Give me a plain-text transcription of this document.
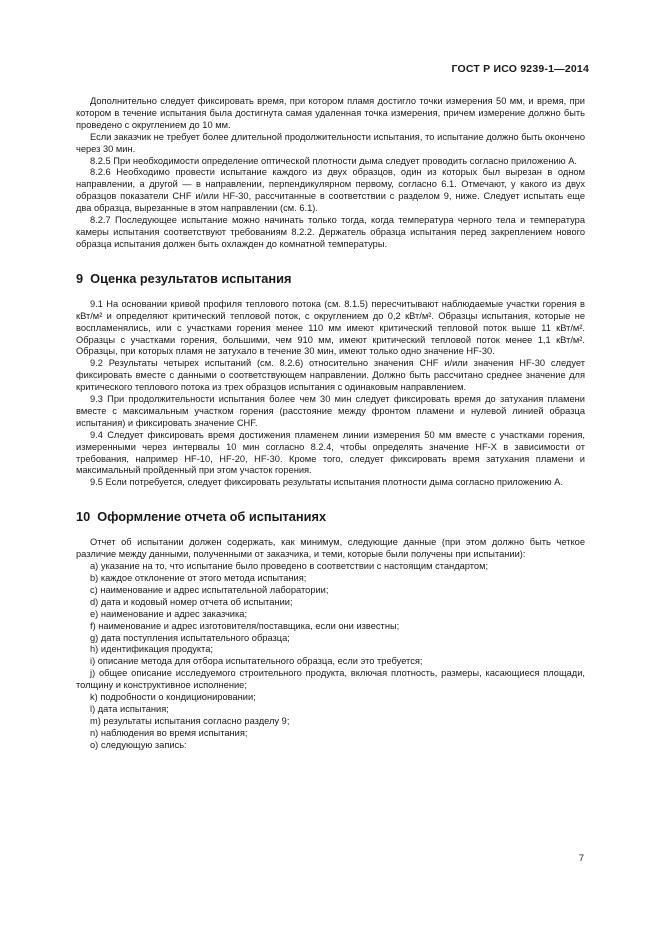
ГОСТ Р ИСО 9239-1—2014

Дополнительно следует фиксировать время, при котором пламя достигло точки измерения 50 мм, и время, при котором в течение испытания была достигнута самая удаленная точка измерения, причем измерение должно быть проведено с округлением до 10 мм.

Если заказчик не требует более длительной продолжительности испытания, то испытание должно быть окончено через 30 мин.

8.2.5 При необходимости определение оптической плотности дыма следует проводить согласно приложению А.

8.2.6 Необходимо провести испытание каждого из двух образцов, один из которых был вырезан в одном направлении, а другой — в направлении, перпендикулярном первому, согласно 6.1. Отмечают, у какого из двух образцов показатели CHF и/или HF-30, рассчитанные в соответствии с разделом 9, ниже. Следует испытать еще два образца, вырезанные в этом направлении (см. 6.1).

8.2.7 Последующее испытание можно начинать только тогда, когда температура черного тела и температура камеры испытания соответствуют требованиям 8.2.2. Держатель образца испытания перед закреплением нового образца испытания должен быть охлажден до комнатной температуры.

9 Оценка результатов испытания

9.1 На основании кривой профиля теплового потока (см. 8.1.5) пересчитывают наблюдаемые участки горения в кВт/м² и определяют критический тепловой поток, с округлением до 0,2 кВт/м². Образцы испытания, которые не воспламенялись, или с участками горения менее 110 мм имеют критический тепловой поток выше 11 кВт/м². Образцы с участками горения, большими, чем 910 мм, имеют критический тепловой поток менее 1,1 кВт/м². Образцы, при которых пламя не затухало в течение 30 мин, имеют только одно значение HF-30.

9.2 Результаты четырех испытаний (см. 8.2.6) относительно значения CHF и/или значения HF-30 следует фиксировать вместе с данными о соответствующем направлении. Должно быть рассчитано среднее значение для критического теплового потока из трех образцов испытания с одинаковым направлением.

9.3 При продолжительности испытания более чем 30 мин следует фиксировать время до затухания пламени вместе с максимальным участком горения (расстояние между фронтом пламени и нулевой линией образца испытания) и фиксировать значение CHF.

9.4 Следует фиксировать время достижения пламенем линии измерения 50 мм вместе с участками горения, измеренными через интервалы 10 мин согласно 8.2.4, чтобы определять значение HF-X в зависимости от требования, например HF-10, HF-20, HF-30. Кроме того, следует фиксировать время затухания пламени и максимальный пройденный при этом участок горения.

9.5 Если потребуется, следует фиксировать результаты испытания плотности дыма согласно приложению А.

10 Оформление отчета об испытаниях

Отчет об испытании должен содержать, как минимум, следующие данные (при этом должно быть четкое различие между данными, полученными от заказчика, и теми, которые были получены при испытании):

a) указание на то, что испытание было проведено в соответствии с настоящим стандартом;

b) каждое отклонение от этого метода испытания;

c) наименование и адрес испытательной лаборатории;

d) дата и кодовый номер отчета об испытании;

e) наименование и адрес заказчика;

f) наименование и адрес изготовителя/поставщика, если они известны;

g) дата поступления испытательного образца;

h) идентификация продукта;

i) описание метода для отбора испытательного образца, если это требуется;

j) общее описание исследуемого строительного продукта, включая плотность, размеры, касающиеся площади, толщину и конструктивное исполнение;

k) подробности о кондиционировании;

l) дата испытания;

m) результаты испытания согласно разделу 9;

n) наблюдения во время испытания;

o) следующую запись:

7
